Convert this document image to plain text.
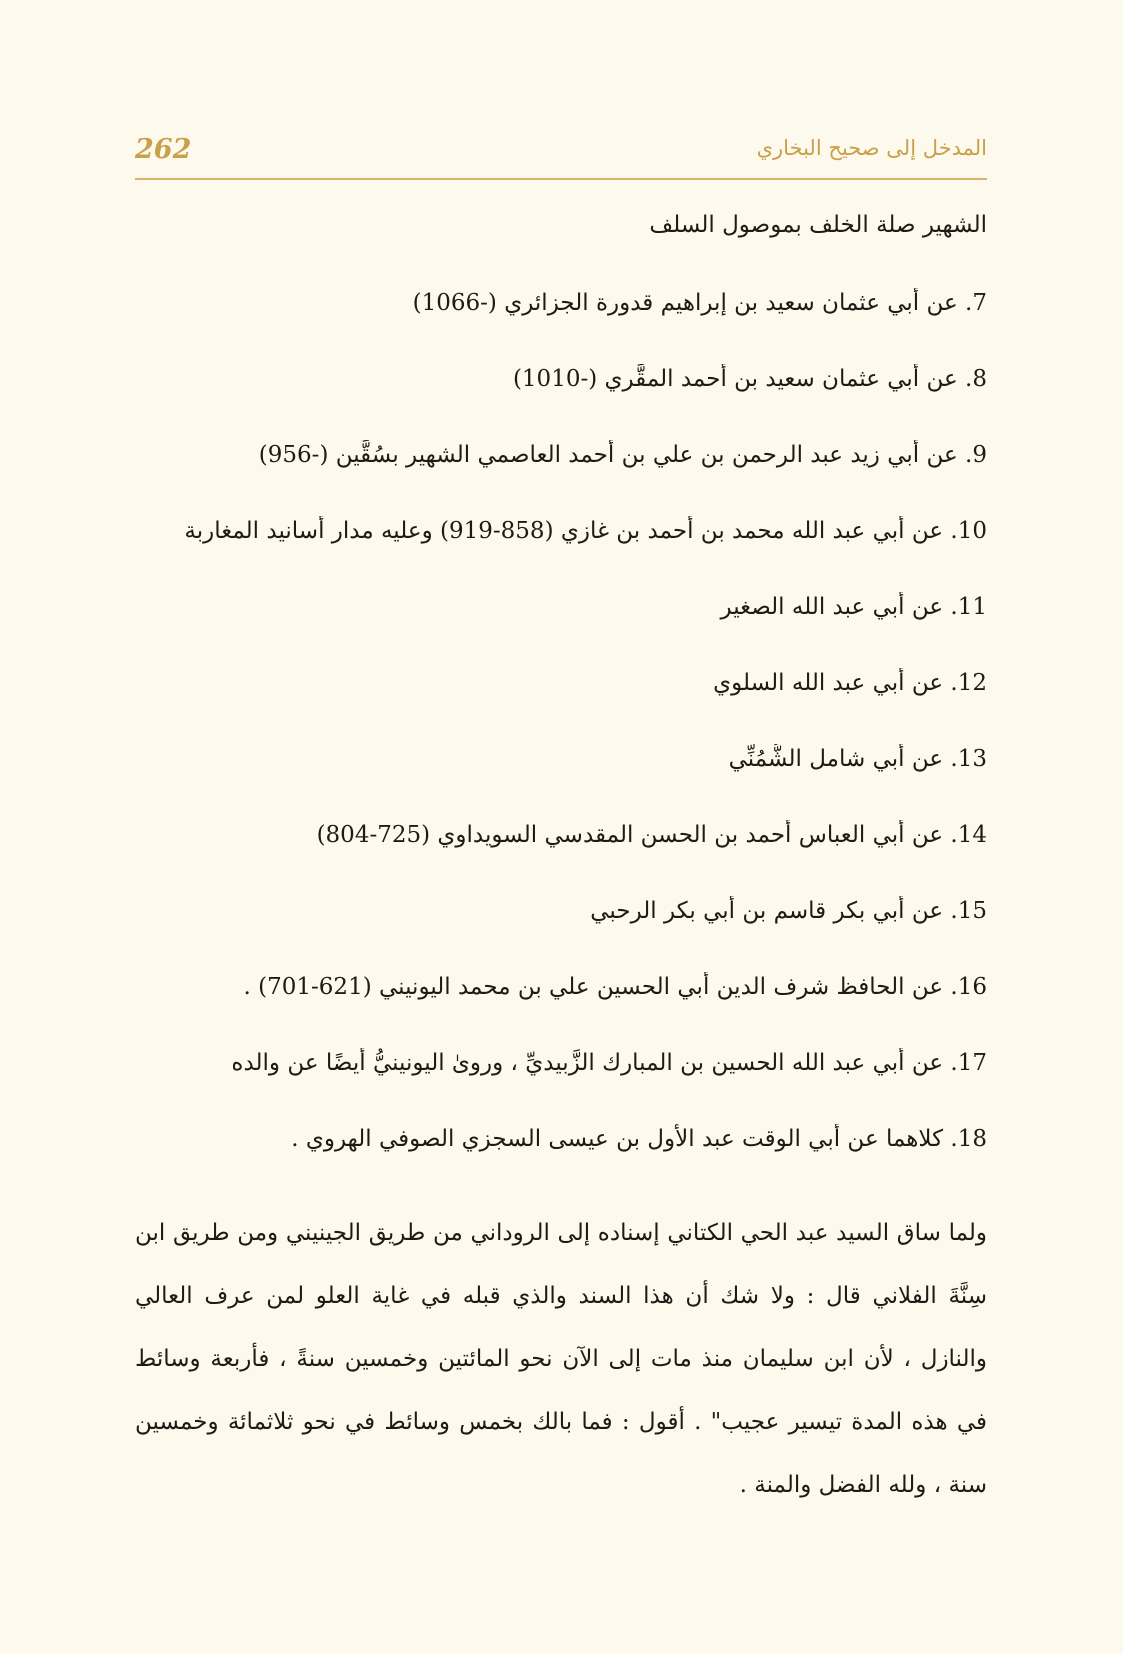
262	المدخل إلى صحيح البخاري
الشهير صلة الخلف بموصول السلف
7. عن أبي عثمان سعيد بن إبراهيم قدورة الجزائري (-1066)
8. عن أبي عثمان سعيد بن أحمد المقَّري (-1010)
9. عن أبي زيد عبد الرحمن بن علي بن أحمد العاصمي الشهير بسُقَّين (-956)
10. عن أبي عبد الله محمد بن أحمد بن غازي (858-919) وعليه مدار أسانيد المغاربة
11. عن أبي عبد الله الصغير
12. عن أبي عبد الله السلوي
13. عن أبي شامل الشُّمُنِّي
14. عن أبي العباس أحمد بن الحسن المقدسي السويداوي (725-804)
15. عن أبي بكر قاسم بن أبي بكر الرحبي
16. عن الحافظ شرف الدين أبي الحسين علي بن محمد اليونيني (621-701) .
17. عن أبي عبد الله الحسين بن المبارك الزَّبيديِّ ، وروىٰ اليونينيُّ أيضًا عن والده
18. كلاهما عن أبي الوقت عبد الأول بن عيسى السجزي الصوفي الهروي .
ولما ساق السيد عبد الحي الكتاني إسناده إلى الروداني من طريق الجينيني ومن طريق ابن سِنَّةَ الفلاني قال : ولا شك أن هذا السند والذي قبله في غاية العلو لمن عرف العالي والنازل ، لأن ابن سليمان منذ مات إلى الآن نحو المائتين وخمسين سنةً ، فأربعة وسائط في هذه المدة تيسير عجيب" . أقول : فما بالك بخمس وسائط في نحو ثلاثمائة وخمسين سنة ، ولله الفضل والمنة .
